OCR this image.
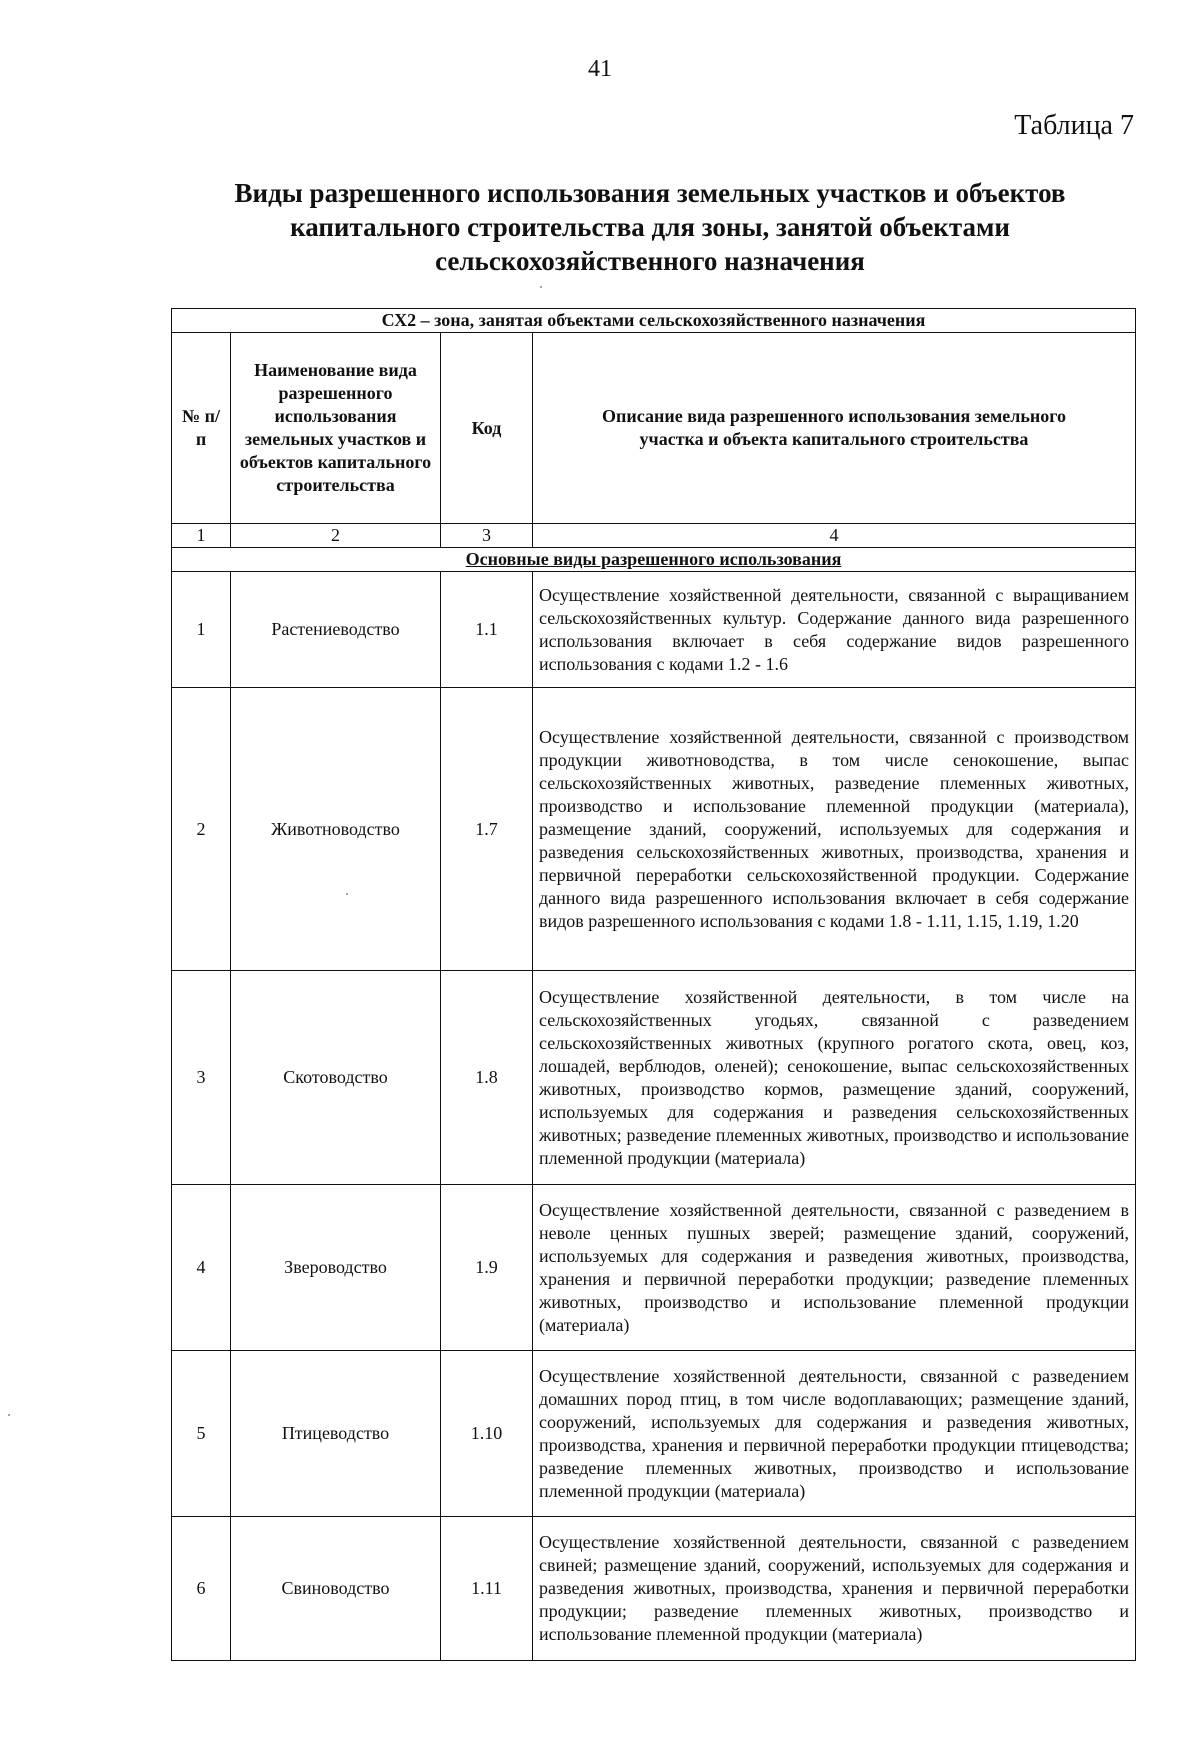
41
Таблица 7
Виды разрешенного использования земельных участков и объектов
капитального строительства для зоны, занятой объектами
сельскохозяйственного назначения
СХ2 – зона, занятая объектами сельскохозяйственного назначения			
№ п/п	Наименование вида разрешенного использования земельных участков и объектов капитального строительства	Код	Описание вида разрешенного использования земельного участка и объекта капитального строительства
1	2	3	4
Основные виды разрешенного использования			
1	Растениеводство	1.1	Осуществление хозяйственной деятельности, связанной с выращиванием сельскохозяйственных культур. Содержание данного вида разрешенного использования включает в себя содержание видов разрешенного использования с кодами 1.2 - 1.6

2	Животноводство	1.7	Осуществление хозяйственной деятельности, связанной с производством продукции животноводства, в том числе сенокошение, выпас сельскохозяйственных животных, разведение племенных животных, производство и использование племенной продукции (материала), размещение зданий, сооружений, используемых для содержания и разведения сельскохозяйственных животных, производства, хранения и первичной переработки сельскохозяйственной продукции. Содержание данного вида разрешенного использования включает в себя содержание видов разрешенного использования с кодами 1.8 - 1.11, 1.15, 1.19, 1.20

3	Скотоводство	1.8	Осуществление хозяйственной деятельности, в том числе на сельскохозяйственных угодьях, связанной с разведением сельскохозяйственных животных (крупного рогатого скота, овец, коз, лошадей, верблюдов, оленей); сенокошение, выпас сельскохозяйственных животных, производство кормов, размещение зданий, сооружений, используемых для содержания и разведения сельскохозяйственных животных; разведение племенных животных, производство и использование племенной продукции (материала)

4	Звероводство	1.9	Осуществление хозяйственной деятельности, связанной с разведением в неволе ценных пушных зверей; размещение зданий, сооружений, используемых для содержания и разведения животных, производства, хранения и первичной переработки продукции; разведение племенных животных, производство и использование племенной продукции (материала)

5	Птицеводство	1.10	Осуществление хозяйственной деятельности, связанной с разведением домашних пород птиц, в том числе водоплавающих; размещение зданий, сооружений, используемых для содержания и разведения животных, производства, хранения и первичной переработки продукции птицеводства; разведение племенных животных, производство и использование племенной продукции (материала)

6	Свиноводство	1.11	Осуществление хозяйственной деятельности, связанной с разведением свиней; размещение зданий, сооружений, используемых для содержания и разведения животных, производства, хранения и первичной переработки продукции; разведение племенных животных, производство и использование племенной продукции (материала)
